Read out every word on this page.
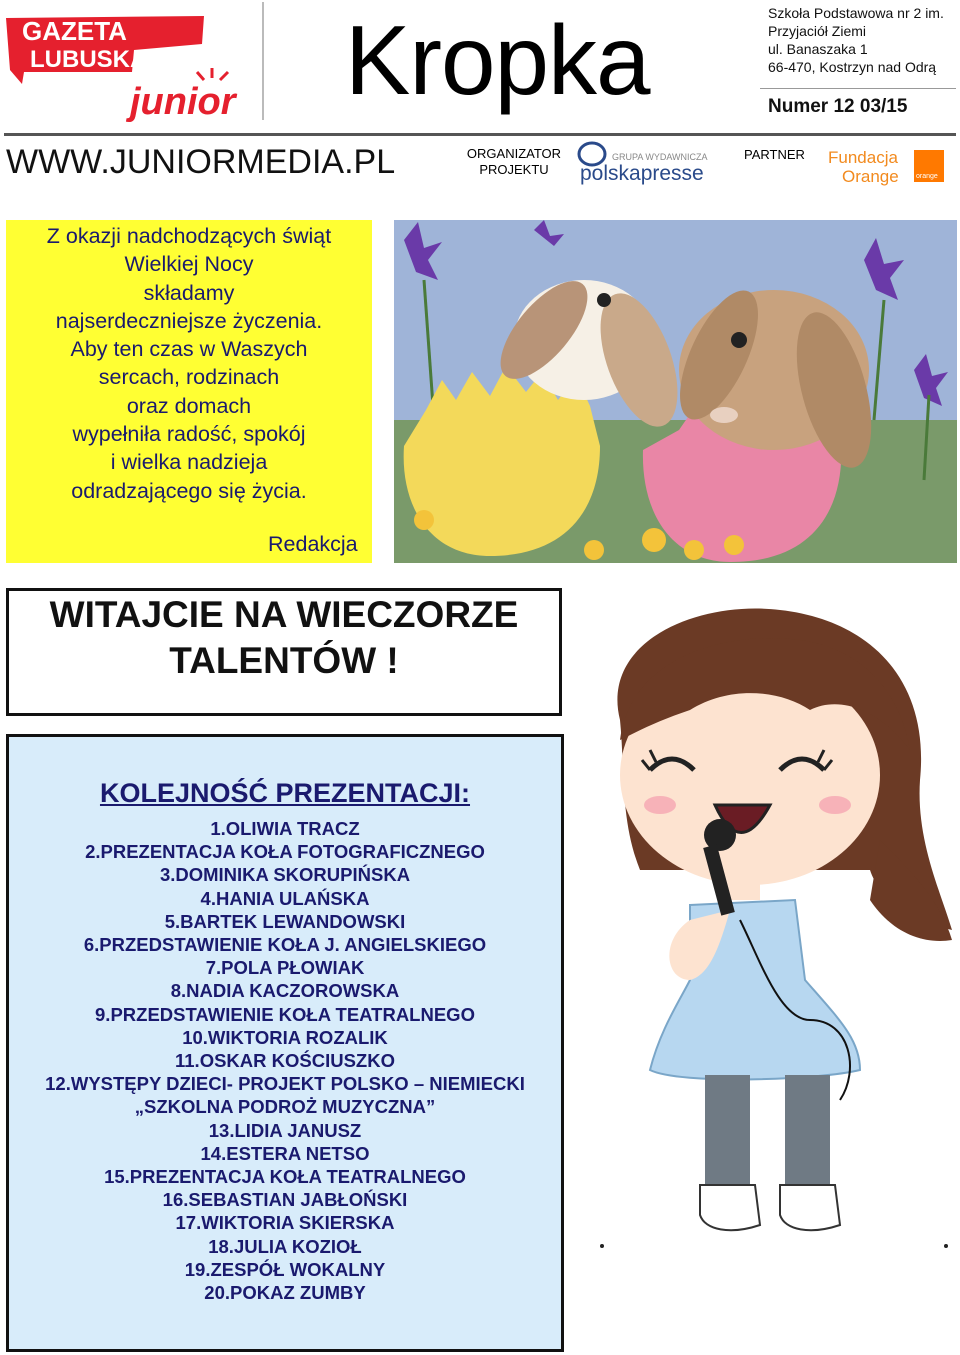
GAZETA
LUBUSKA
junior Kropka	Szkoła Podstawowa nr 2 im.
Przyjaciół Ziemi
ul. Banaszaka 1
66-470, Kostrzyn nad Odrą
Numer 12 03/15
WWW.JUNIORMEDIA.PL	ORGANIZATOR
PROJEKTU
GRUPA WYDAWNICZA
polskapresse
PARTNER Fundacja
Orange orange
Z okazji nadchodzących świąt
Wielkiej Nocy
składamy
najserdeczniejsze życzenia.
Aby ten czas w Waszych
sercach, rodzinach
oraz domach
wypełniła radość, spokój
i wielka nadzieja
odradzającego się życia.
Redakcja
WITAJCIE NA WIECZORZE
TALENTÓW !
KOLEJNOŚĆ PREZENTACJI:
1.OLIWIA TRACZ
2.PREZENTACJA KOŁA FOTOGRAFICZNEGO
3.DOMINIKA SKORUPIŃSKA
4.HANIA ULAŃSKA
5.BARTEK LEWANDOWSKI
6.PRZEDSTAWIENIE KOŁA J. ANGIELSKIEGO
7.POLA PŁOWIAK
8.NADIA KACZOROWSKA
9.PRZEDSTAWIENIE KOŁA TEATRALNEGO
10.WIKTORIA ROZALIK
11.OSKAR KOŚCIUSZKO
12.WYSTĘPY DZIECI- PROJEKT POLSKO – NIEMIECKI
„SZKOLNA PODROŻ MUZYCZNA”
13.LIDIA JANUSZ
14.ESTERA NETSO
15.PREZENTACJA KOŁA TEATRALNEGO
16.SEBASTIAN JABŁOŃSKI
17.WIKTORIA SKIERSKA
18.JULIA KOZIOŁ
19.ZESPÓŁ WOKALNY
20.POKAZ ZUMBY
